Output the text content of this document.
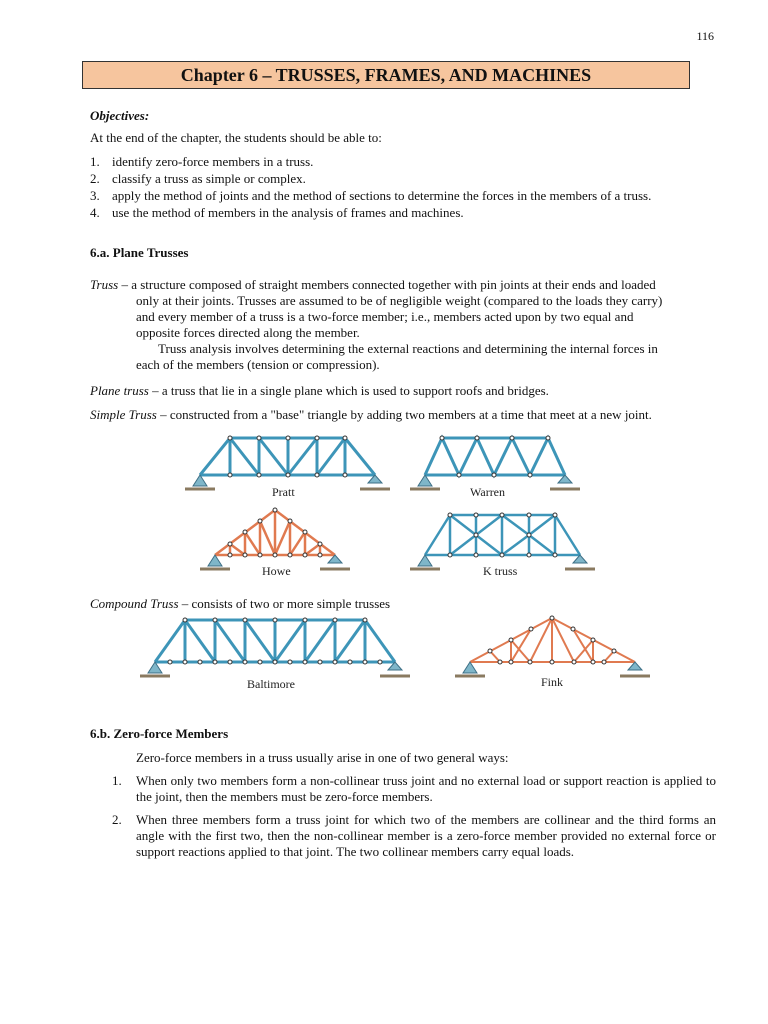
116
Chapter 6 – TRUSSES, FRAMES, AND MACHINES
Objectives:
At the end of the chapter, the students should be able to:
1. identify zero-force members in a truss.
2. classify a truss as simple or complex.
3. apply the method of joints and the method of sections to determine the forces in the members of a truss.
4. use the method of members in the analysis of frames and machines.
6.a. Plane Trusses
Truss – a structure composed of straight members connected together with pin joints at their ends and loaded
only at their joints. Trusses are assumed to be of negligible weight (compared to the loads they carry)
and every member of a truss is a two-force member; i.e., members acted upon by two equal and
opposite forces directed along the member.
Truss analysis involves determining the external reactions and determining the internal forces in
each of the members (tension or compression).
Plane truss – a truss that lie in a single plane which is used to support roofs and bridges.
Simple Truss – constructed from a "base" triangle by adding two members at a time that meet at a new joint.
Pratt	Warren
Howe	K truss
Compound Truss – consists of two or more simple trusses
Baltimore	Fink
6.b. Zero-force Members
Zero-force members in a truss usually arise in one of two general ways:
1.	When only two members form a non-collinear truss joint and no external load or support reaction is applied to the joint, then the members must be zero-force members.
2.	When three members form a truss joint for which two of the members are collinear and the third forms an angle with the first two, then the non-collinear member is a zero-force member provided no external force or support reactions applied to that joint. The two collinear members carry equal loads.
